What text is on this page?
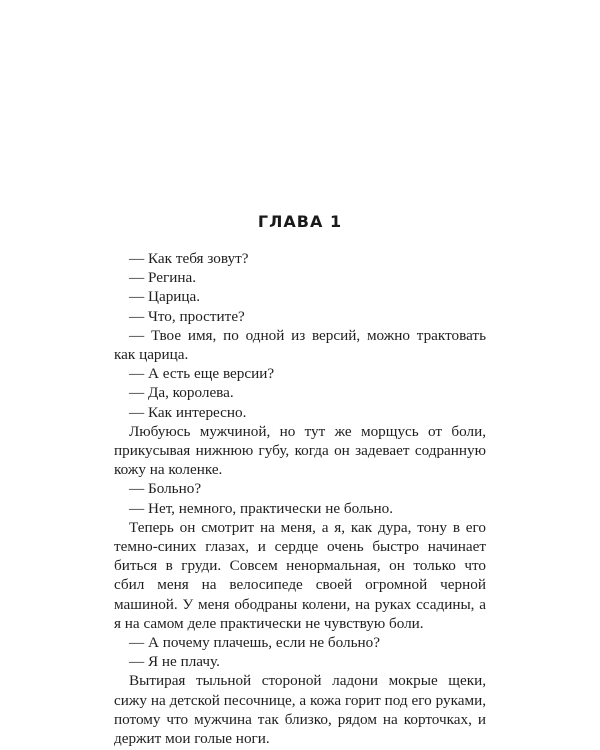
ГЛАВА 1

— Как тебя зовут?

— Регина.

— Царица.

— Что, простите?

— Твое имя, по одной из версий, можно трактовать как царица.

— А есть еще версии?

— Да, королева.

— Как интересно.

Любуюсь мужчиной, но тут же морщусь от боли, прикусывая нижнюю губу, когда он задевает содранную кожу на коленке.

— Больно?

— Нет, немного, практически не больно.

Теперь он смотрит на меня, а я, как дура, тону в его темно-синих глазах, и сердце очень быстро начинает биться в груди. Совсем ненормальная, он только что сбил меня на велосипеде своей огромной черной машиной. У меня ободраны колени, на руках ссадины, а я на самом деле практически не чувствую боли.

— А почему плачешь, если не больно?

— Я не плачу.

Вытирая тыльной стороной ладони мокрые щеки, сижу на детской песочнице, а кожа горит под его руками, потому что мужчина так близко, рядом на корточках, и держит мои голые ноги.
